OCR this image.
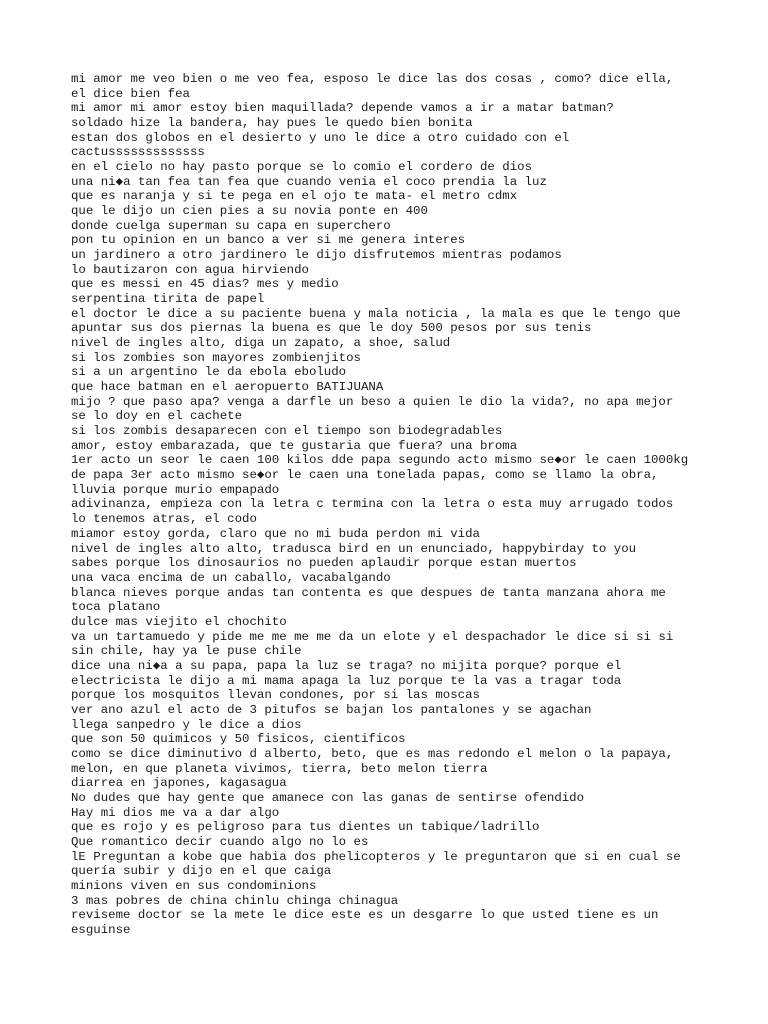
mi amor me veo bien o me veo fea, esposo le dice las dos cosas , como? dice ella,
el dice bien fea
mi amor mi amor estoy bien maquillada? depende vamos a ir a matar batman?
soldado hize la bandera, hay pues le quedo bien bonita
estan dos globos en el desierto y uno le dice a otro cuidado con el
cactusssssssssssss
en el cielo no hay pasto porque se lo comio el cordero de dios
una ni◆a tan fea tan fea que cuando venia el coco prendia la luz
que es naranja y si te pega en el ojo te mata- el metro cdmx
que le dijo un cien pies a su novia ponte en 400
donde cuelga superman su capa en superchero
pon tu opinion en un banco a ver si me genera interes
un jardinero a otro jardinero le dijo disfrutemos mientras podamos
lo bautizaron con agua hirviendo
que es messi en 45 dias? mes y medio
serpentina tirita de papel
el doctor le dice a su paciente buena y mala noticia , la mala es que le tengo que
apuntar sus dos piernas la buena es que le doy 500 pesos por sus tenis
nivel de ingles alto, diga un zapato, a shoe, salud
si los zombies son mayores zombienjitos
si a un argentino le da ebola eboludo
que hace batman en el aeropuerto BATIJUANA
mijo ? que paso apa? venga a darfle un beso a quien le dio la vida?, no apa mejor
se lo doy en el cachete
si los zombis desaparecen con el tiempo son biodegradables
amor, estoy embarazada, que te gustaria que fuera? una broma
1er acto un seor le caen 100 kilos dde papa segundo acto mismo se◆or le caen 1000kg
de papa 3er acto mismo se◆or le caen una tonelada papas, como se llamo la obra,
lluvia porque murio empapado
adivinanza, empieza con la letra c termina con la letra o esta muy arrugado todos
lo tenemos atras, el codo
miamor estoy gorda, claro que no mi buda perdon mi vida
nivel de ingles alto alto, tradusca bird en un enunciado, happybirday to you
sabes porque los dinosaurios no pueden aplaudir porque estan muertos
una vaca encima de un caballo, vacabalgando
blanca nieves porque andas tan contenta es que despues de tanta manzana ahora me
toca platano
dulce mas viejito el chochito
va un tartamuedo y pide me me me me da un elote y el despachador le dice si si si
sin chile, hay ya le puse chile
dice una ni◆a a su papa, papa la luz se traga? no mijita porque? porque el
electricista le dijo a mi mama apaga la luz porque te la vas a tragar toda
porque los mosquitos llevan condones, por si las moscas
ver ano azul el acto de 3 pitufos se bajan los pantalones y se agachan
llega sanpedro y le dice a dios
que son 50 quimicos y 50 fisicos, cientificos
como se dice diminutivo d alberto, beto, que es mas redondo el melon o la papaya,
melon, en que planeta vivimos, tierra, beto melon tierra
diarrea en japones, kagasagua
No dudes que hay gente que amanece con las ganas de sentirse ofendido
Hay mi dios me va a dar algo
que es rojo y es peligroso para tus dientes un tabique/ladrillo
Que romantico decir cuando algo no lo es
lE Preguntan a kobe que habia dos phelicopteros y le preguntaron que si en cual se
quería subir y dijo en el que caiga
minions viven en sus condominions
3 mas pobres de china chinlu chinga chinagua
reviseme doctor se la mete le dice este es un desgarre lo que usted tiene es un
esguinse
